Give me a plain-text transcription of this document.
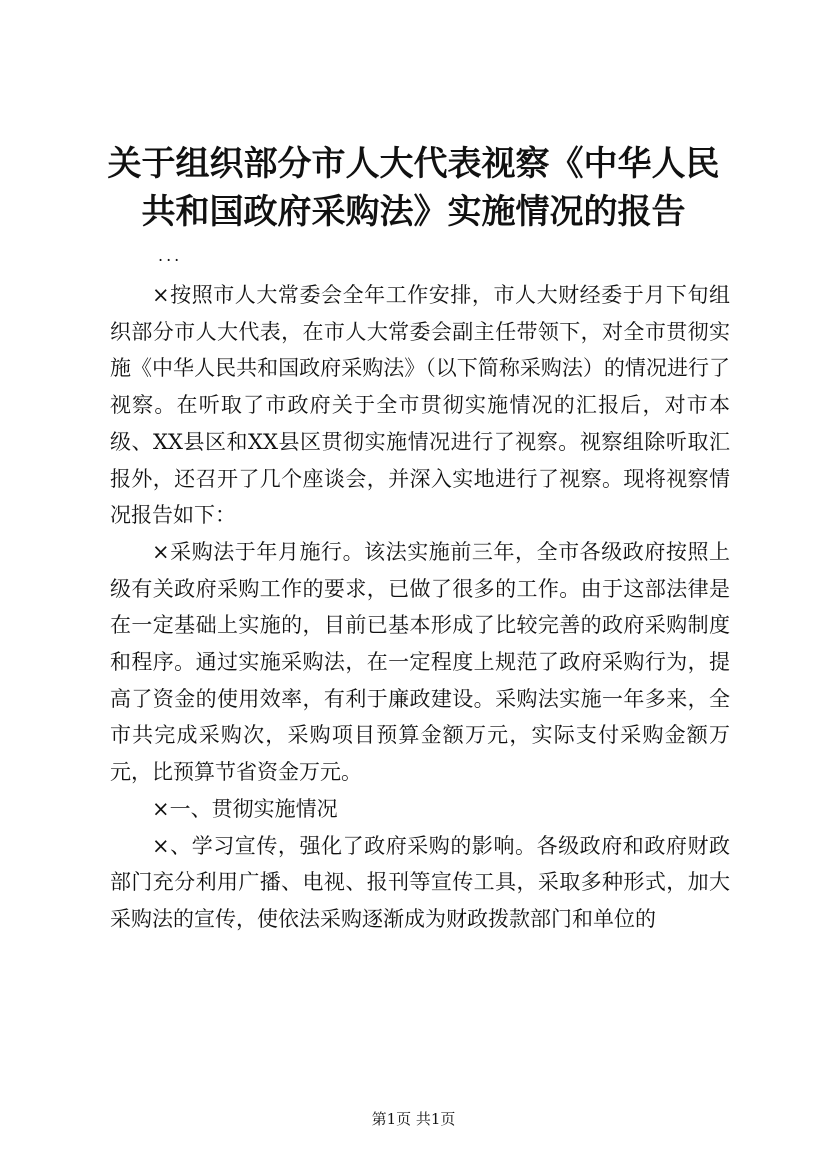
关于组织部分市人大代表视察《中华人民共和国政府采购法》实施情况的报告
...

×按照市人大常委会全年工作安排，市人大财经委于月下旬组织部分市人大代表，在市人大常委会副主任带领下，对全市贯彻实施《中华人民共和国政府采购法》（以下简称采购法）的情况进行了视察。在听取了市政府关于全市贯彻实施情况的汇报后，对市本级、XX县区和XX县区贯彻实施情况进行了视察。视察组除听取汇报外，还召开了几个座谈会，并深入实地进行了视察。现将视察情况报告如下：

×采购法于年月施行。该法实施前三年，全市各级政府按照上级有关政府采购工作的要求，已做了很多的工作。由于这部法律是在一定基础上实施的，目前已基本形成了比较完善的政府采购制度和程序。通过实施采购法，在一定程度上规范了政府采购行为，提高了资金的使用效率，有利于廉政建设。采购法实施一年多来，全市共完成采购次，采购项目预算金额万元，实际支付采购金额万元，比预算节省资金万元。

×一、贯彻实施情况

×、学习宣传，强化了政府采购的影响。各级政府和政府财政部门充分利用广播、电视、报刊等宣传工具，采取多种形式，加大采购法的宣传，使依法采购逐渐成为财政拨款部门和单位的

第1页 共1页
